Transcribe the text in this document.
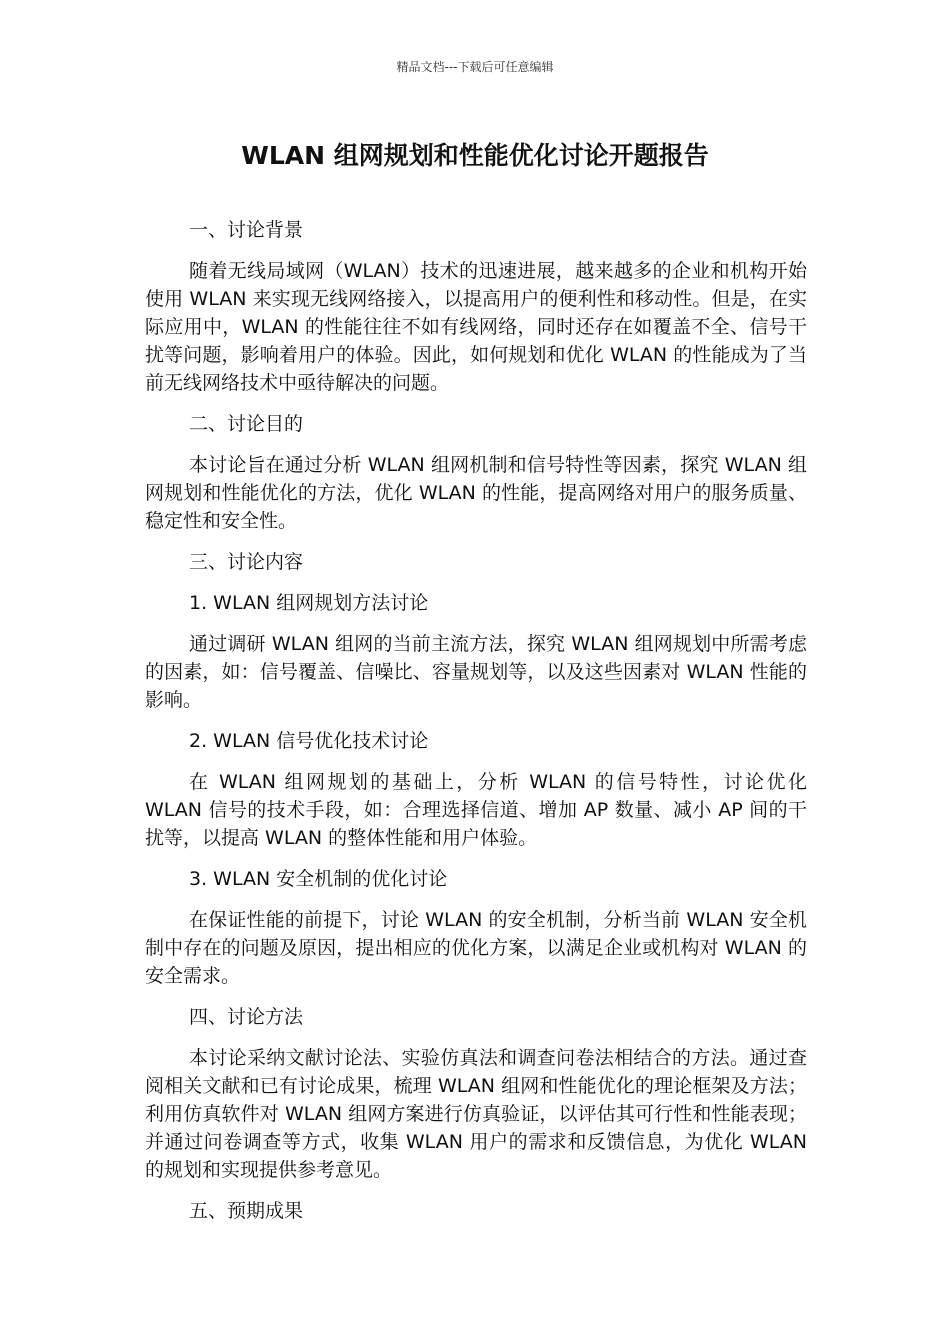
精品文档---下载后可任意编辑
WLAN 组网规划和性能优化讨论开题报告

一、讨论背景

随着无线局域网（WLAN）技术的迅速进展，越来越多的企业和机构开始使用 WLAN 来实现无线网络接入，以提高用户的便利性和移动性。但是，在实际应用中，WLAN 的性能往往不如有线网络，同时还存在如覆盖不全、信号干扰等问题，影响着用户的体验。因此，如何规划和优化 WLAN 的性能成为了当前无线网络技术中亟待解决的问题。

二、讨论目的

本讨论旨在通过分析 WLAN 组网机制和信号特性等因素，探究 WLAN 组网规划和性能优化的方法，优化 WLAN 的性能，提高网络对用户的服务质量、稳定性和安全性。

三、讨论内容

1. WLAN 组网规划方法讨论

通过调研 WLAN 组网的当前主流方法，探究 WLAN 组网规划中所需考虑的因素，如：信号覆盖、信噪比、容量规划等，以及这些因素对 WLAN 性能的影响。

2. WLAN 信号优化技术讨论

在 WLAN 组网规划的基础上，分析 WLAN 的信号特性，讨论优化 WLAN 信号的技术手段，如：合理选择信道、增加 AP 数量、减小 AP 间的干扰等，以提高 WLAN 的整体性能和用户体验。

3. WLAN 安全机制的优化讨论

在保证性能的前提下，讨论 WLAN 的安全机制，分析当前 WLAN 安全机制中存在的问题及原因，提出相应的优化方案，以满足企业或机构对 WLAN 的安全需求。

四、讨论方法

本讨论采纳文献讨论法、实验仿真法和调查问卷法相结合的方法。通过查阅相关文献和已有讨论成果，梳理 WLAN 组网和性能优化的理论框架及方法；利用仿真软件对 WLAN 组网方案进行仿真验证，以评估其可行性和性能表现；并通过问卷调查等方式，收集 WLAN 用户的需求和反馈信息，为优化 WLAN 的规划和实现提供参考意见。

五、预期成果
